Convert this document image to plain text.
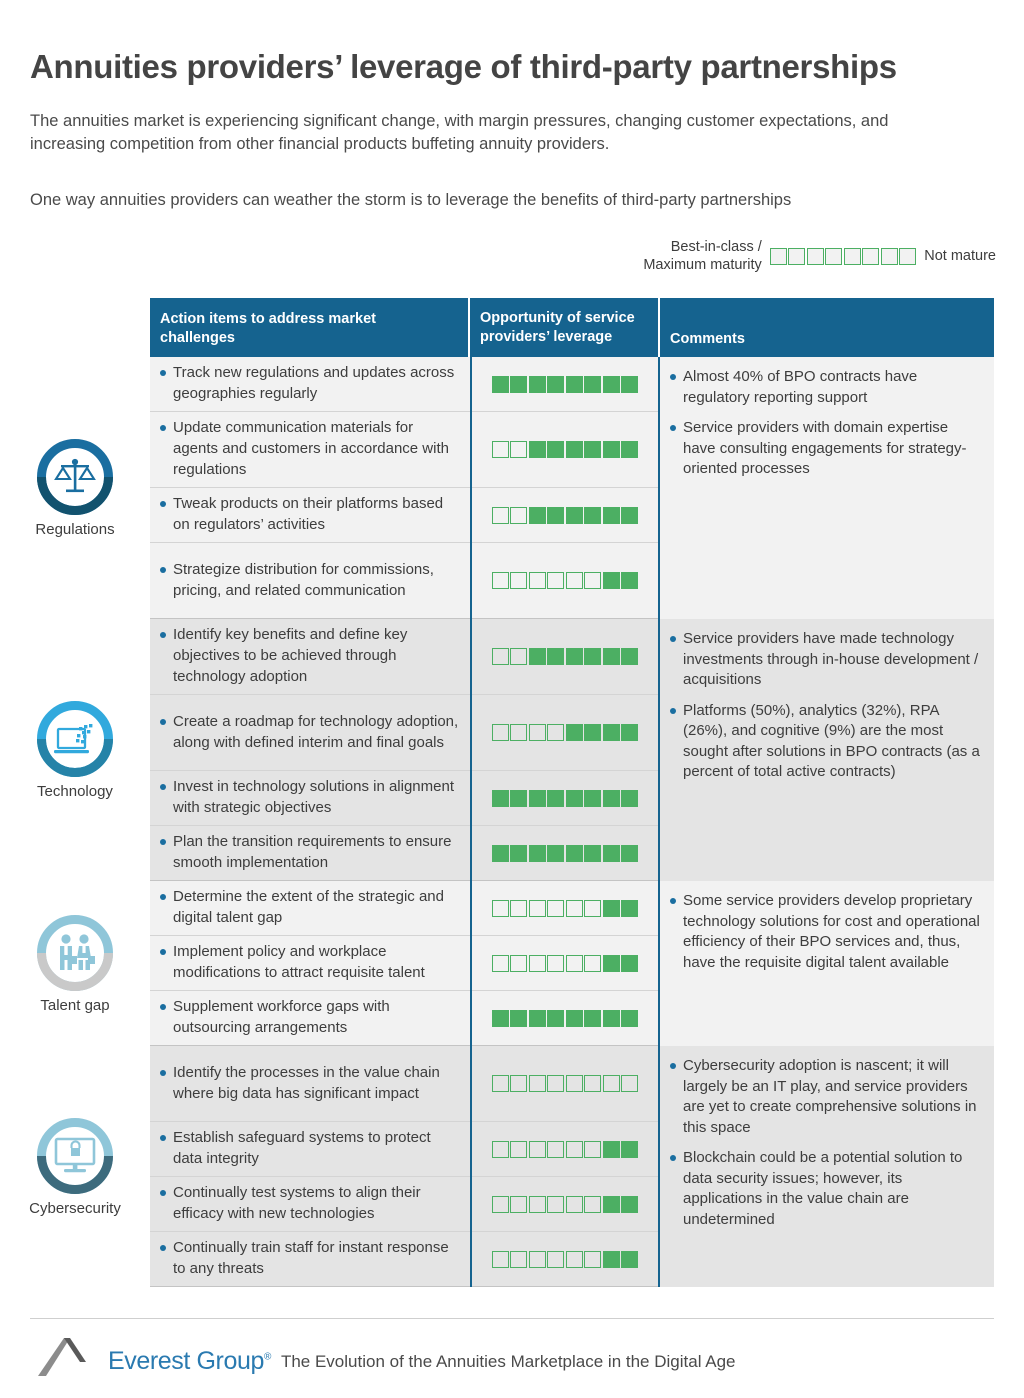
Annuities providers’ leverage of third-party partnerships

The annuities market is experiencing significant change, with margin pressures, changing customer expectations, and increasing competition from other financial products buffeting annuity providers.

One way annuities providers can weather the storm is to leverage the benefits of third-party partnerships

Best-in-class /
Maximum maturity
Not mature
Regulations
Technology
Talent gap
Cybersecurity
Action items to address market
challenges
Opportunity of service
providers’ leverage	Comments
Track new regulations and updates across geographies regularly
Update communication materials for agents and customers in accordance with regulations
Tweak products on their platforms based on regulators’ activities
Strategize distribution for commissions, pricing, and related communication
Almost 40% of BPO contracts have regulatory reporting support
Service providers with domain expertise have consulting engagements for strategy-oriented processes
Identify key benefits and define key objectives to be achieved through technology adoption
Create a roadmap for technology adoption, along with defined interim and final goals
Invest in technology solutions in alignment with strategic objectives
Plan the transition requirements to ensure smooth implementation
Service providers have made technology investments through in-house development / acquisitions
Platforms (50%), analytics (32%), RPA (26%), and cognitive (9%) are the most sought after solutions in BPO contracts (as a percent of total active contracts)
Determine the extent of the strategic and digital talent gap
Implement policy and workplace modifications to attract requisite talent
Supplement workforce gaps with outsourcing arrangements
Some service providers develop proprietary technology solutions for cost and operational efficiency of their BPO services and, thus, have the requisite digital talent available
Identify the processes in the value chain where big data has significant impact
Establish safeguard systems to protect data integrity
Continually test systems to align their efficacy with new technologies
Continually train staff for instant response to any threats
Cybersecurity adoption is nascent; it will largely be an IT play, and service providers are yet to create comprehensive solutions in this space
Blockchain could be a potential solution to data security issues; however, its applications in the value chain are undetermined
Everest Group® The Evolution of the Annuities Marketplace in the Digital Age
